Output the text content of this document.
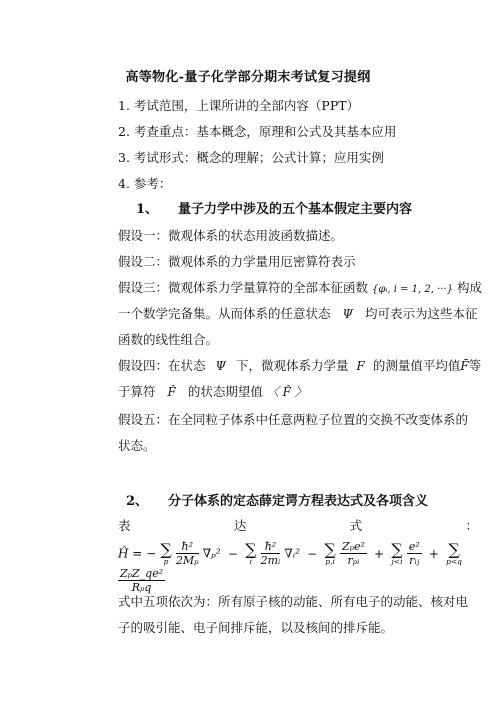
高等物化-量子化学部分期末考试复习提纲
1. 考试范围，上课所讲的全部内容（PPT）
2. 考查重点：基本概念，原理和公式及其基本应用
3. 考试形式：概念的理解；公式计算；应用实例
4. 参考：
1、 量子力学中涉及的五个基本假定主要内容
假设一：微观体系的状态用波函数描述。
假设二：微观体系的力学量用厄密算符表示
假设三：微观体系力学量算符的全部本征函数 {φᵢ, i = 1, 2, ···} 构成
一个数学完备集。从而体系的任意状态 Ψ 均可表示为这些本征
函数的线性组合。
假设四：在状态 Ψ 下，微观体系力学量 F 的测量值平均值F̄等
于算符 F̂ 的状态期望值 〈 F̂ 〉
假设五：在全同粒子体系中任意两粒子位置的交换不改变体系的
状态。
2、 分子体系的定态薛定谔方程表达式及各项含义
表	达	式	：
Ĥ = − ∑
p
$\frac{\text{ħ²}}{\text{2Mₚ}} \nabla_p^2$ − ∑
i
$\frac{\text{ħ²}}{\text{2mᵢ}}$ ∇ᵢ² − ∑
p,i
$\frac{\text{Zₚe²}}{\text{rₚᵢ}}$ + ∑
j<i
$\frac{\text{e²}}{\text{rᵢⱼ}}$ + ∑
p<q

$\frac{\text{ZₚZ\_qe²}}{\text{Rₚq}}$
式中五项依次为：所有原子核的动能、所有电子的动能、核对电
子的吸引能、电子间排斥能，以及核间的排斥能。
